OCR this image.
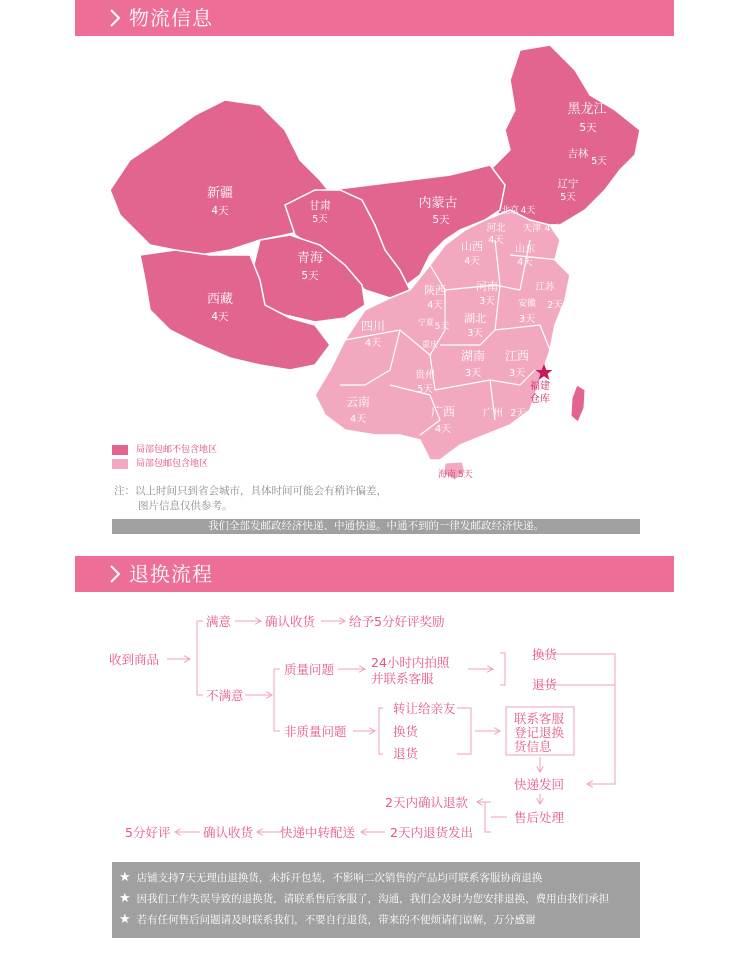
物流信息
黑龙江
5天
吉林
5天
辽宁
5天
内蒙古
5天
新疆
4天	甘肃
5天
青海
5天
西藏
4天
北京 4天
天津 4天
河北
4天
山西
4天
山东
4天
陕西
4天
河南
3天
江苏
2天
安徽
3天	上海 2天
宁夏 5天
湖北
3天
四川
4天	重庆
浙江
2天
湖南
3天
江西
3天
贵州
5天
云南
4天
广西
4天
广州 2天
海南 5天
福建
仓库
局部包邮不包含地区
局部包邮包含地区
注：以上时间只到省会城市，具体时间可能会有稍许偏差，
图片信息仅供参考。
我们全部发邮政经济快递、中通快递。中通不到的一律发邮政经济快递。
退换流程
收到商品
满意	确认收货	给予5分好评奖励
不满意
质量问题	24小时内拍照
并联系客服
换货
退货
非质量问题
转让给亲友
换货
退货
联系客服
登记退换
货信息
快递发回
售后处理
2天内确认退款
2天内退货发出
快递中转配送
确认收货
5分好评
★ 店铺支持7天无理由退换货，未拆开包装，不影响二次销售的产品均可联系客服协商退换
★ 因我们工作失误导致的退换货，请联系售后客服了，沟通，我们会及时为您安排退换，费用由我们承担
★ 若有任何售后问题请及时联系我们，不要自行退货，带来的不便烦请们谅解，万分感谢
